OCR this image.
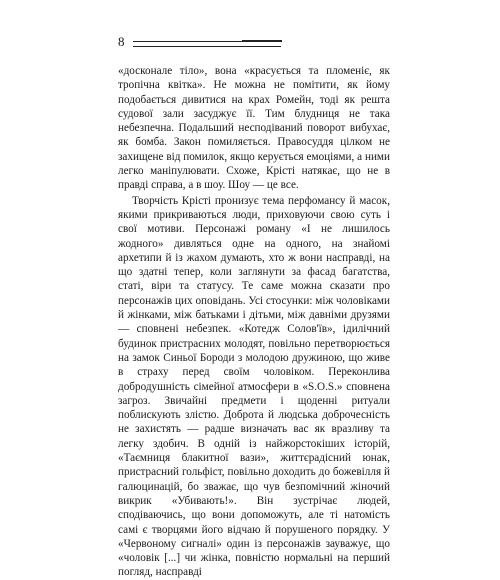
8

«досконале тіло», вона «красується та пломеніє, як тропічна квітка». Не можна не помітити, як йому подобається дивитися на крах Ромейн, тоді як решта судової зали засуджує її. Тим блудниця не така небезпечна. Подальший несподіваний поворот вибухає, як бомба. Закон помиляється. Правосуддя цілком не захищене від помилок, якщо керується емоціями, а ними легко маніпулювати. Схоже, Крісті натякає, що не в правді справа, а в шоу. Шоу — це все.

Творчість Крісті пронизує тема перфомансу й масок, якими прикриваються люди, приховуючи свою суть і свої мотиви. Персонажі роману «І не лишилось жодного» дивляться одне на одного, на знайомі архетипи й із жахом думають, хто ж вони насправді, на що здатні тепер, коли заглянути за фасад багатства, статі, віри та статусу. Те саме можна сказати про персонажів цих оповідань. Усі стосунки: між чоловіками й жінками, між батьками і дітьми, між давніми друзями — сповнені небезпек. «Котедж Солов'їв», ідилічний будинок пристрасних молодят, повільно перетворюється на замок Синьої Бороди з молодою дружиною, що живе в страху перед своїм чоловіком. Переконлива добродушність сімейної атмосфери в «S.O.S.» сповнена загроз. Звичайні предмети і щоденні ритуали поблискують злістю. Доброта й людська доброчесність не захистять — радше визначать вас як вразливу та легку здобич. В одній із найжорстокіших історій, «Таємниця блакитної вази», життєрадісний юнак, пристрасний гольфіст, повільно доходить до божевілля й галюцинацій, бо зважає, що чув безпомічний жіночий викрик «Убивають!». Він зустрічає людей, сподіваючись, що вони допоможуть, але ті натомість самі є творцями його відчаю й порушеного порядку. У «Червоному сигналі» один із персонажів зауважує, що «чоловік [...] чи жінка, повністю нормальні на перший погляд, насправді
